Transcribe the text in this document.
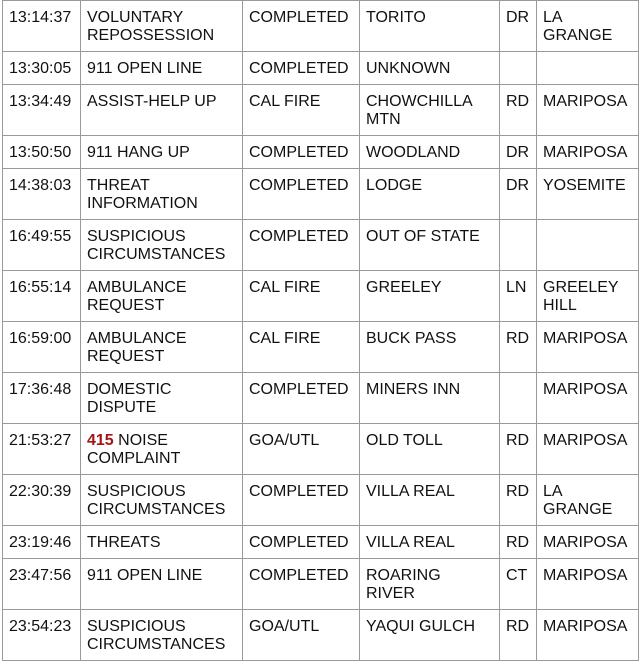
13:14:37	VOLUNTARY REPOSSESSION	COMPLETED	TORITO	DR	LA GRANGE
13:30:05	911 OPEN LINE	COMPLETED	UNKNOWN		
13:34:49	ASSIST-HELP UP	CAL FIRE	CHOWCHILLA MTN	RD	MARIPOSA
13:50:50	911 HANG UP	COMPLETED	WOODLAND	DR	MARIPOSA
14:38:03	THREAT INFORMATION	COMPLETED	LODGE	DR	YOSEMITE
16:49:55	SUSPICIOUS CIRCUMSTANCES	COMPLETED	OUT OF STATE		
16:55:14	AMBULANCE REQUEST	CAL FIRE	GREELEY	LN	GREELEY HILL
16:59:00	AMBULANCE REQUEST	CAL FIRE	BUCK PASS	RD	MARIPOSA
17:36:48	DOMESTIC DISPUTE	COMPLETED	MINERS INN		MARIPOSA
21:53:27	415 NOISE COMPLAINT	GOA/UTL	OLD TOLL	RD	MARIPOSA
22:30:39	SUSPICIOUS CIRCUMSTANCES	COMPLETED	VILLA REAL	RD	LA GRANGE
23:19:46	THREATS	COMPLETED	VILLA REAL	RD	MARIPOSA
23:47:56	911 OPEN LINE	COMPLETED	ROARING RIVER	CT	MARIPOSA
23:54:23	SUSPICIOUS CIRCUMSTANCES	GOA/UTL	YAQUI GULCH	RD	MARIPOSA
